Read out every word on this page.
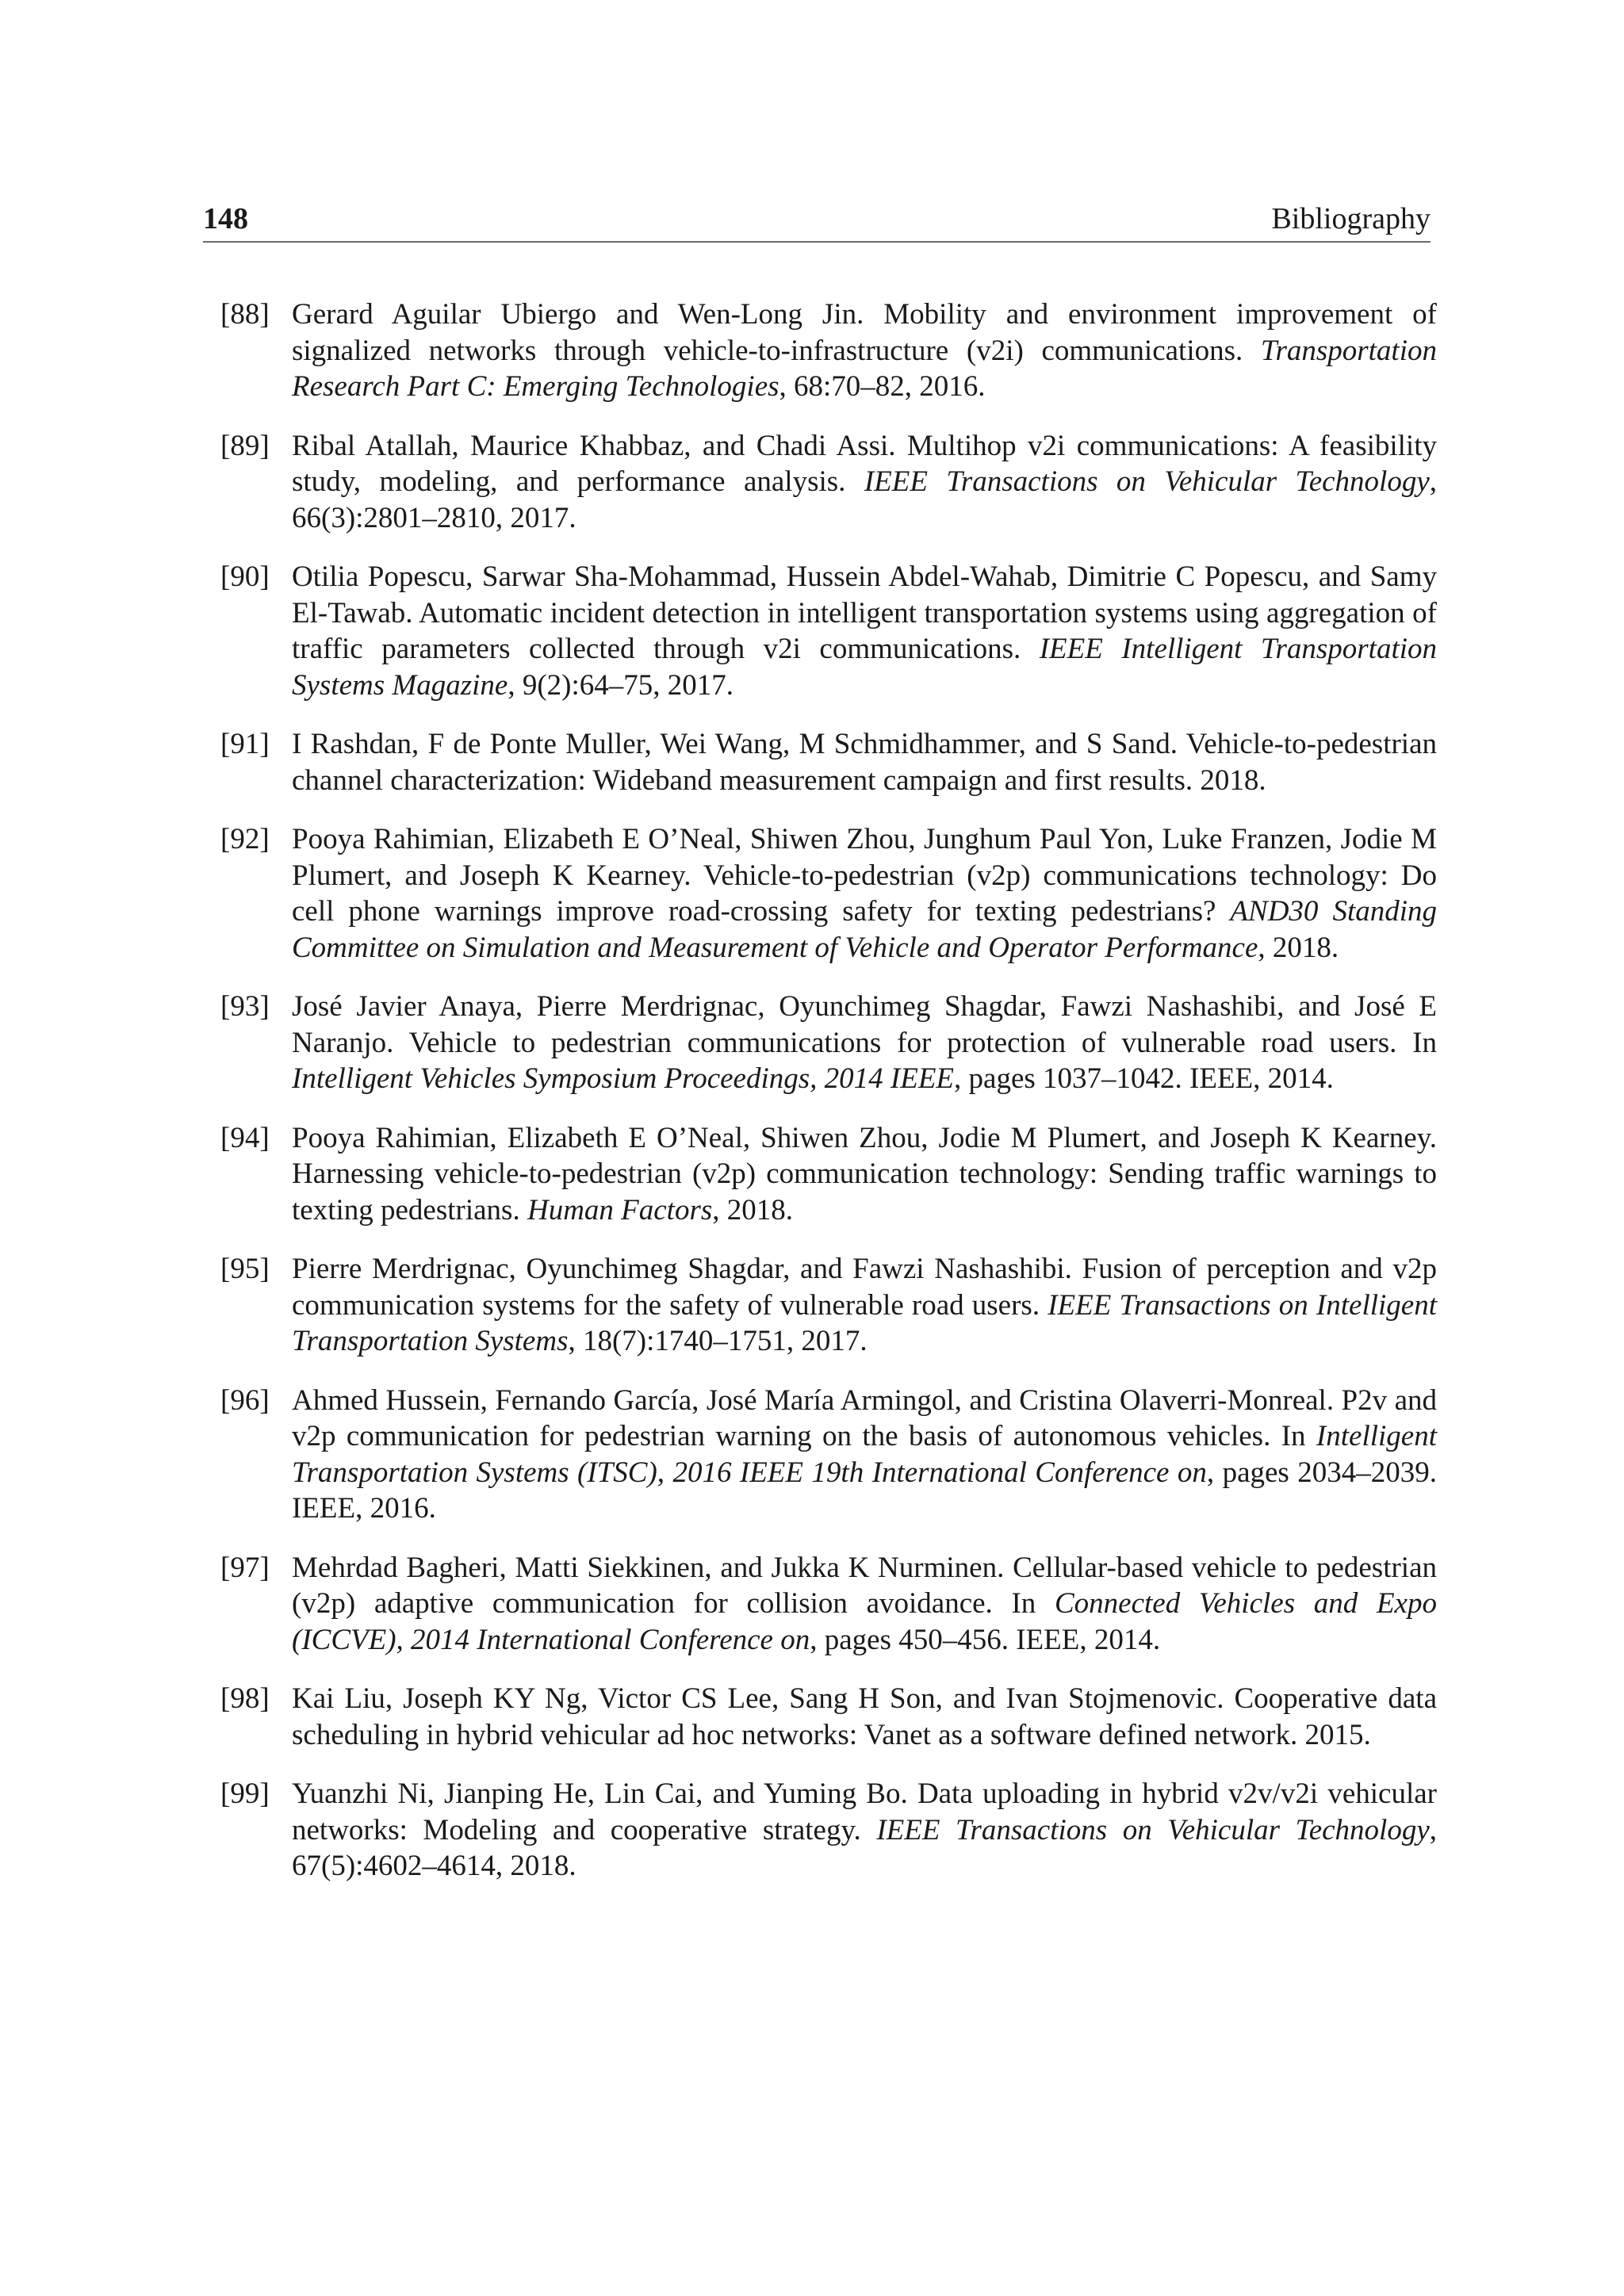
148	Bibliography
[88] Gerard Aguilar Ubiergo and Wen-Long Jin. Mobility and environment improvement of signalized networks through vehicle-to-infrastructure (v2i) communications. Transportation Research Part C: Emerging Technologies, 68:70–82, 2016.
[89] Ribal Atallah, Maurice Khabbaz, and Chadi Assi. Multihop v2i communications: A feasibility study, modeling, and performance analysis. IEEE Transactions on Vehicular Technology, 66(3):2801–2810, 2017.
[90] Otilia Popescu, Sarwar Sha-Mohammad, Hussein Abdel-Wahab, Dimitrie C Popescu, and Samy El-Tawab. Automatic incident detection in intelligent transportation systems using aggregation of traffic parameters collected through v2i communications. IEEE Intelligent Transportation Systems Magazine, 9(2):64–75, 2017.
[91] I Rashdan, F de Ponte Muller, Wei Wang, M Schmidhammer, and S Sand. Vehicle-to-pedestrian channel characterization: Wideband measurement campaign and first results. 2018.
[92] Pooya Rahimian, Elizabeth E O’Neal, Shiwen Zhou, Junghum Paul Yon, Luke Franzen, Jodie M Plumert, and Joseph K Kearney. Vehicle-to-pedestrian (v2p) communications technology: Do cell phone warnings improve road-crossing safety for texting pedestrians? AND30 Standing Committee on Simulation and Measurement of Vehicle and Operator Performance, 2018.
[93] José Javier Anaya, Pierre Merdrignac, Oyunchimeg Shagdar, Fawzi Nashashibi, and José E Naranjo. Vehicle to pedestrian communications for protection of vulnerable road users. In Intelligent Vehicles Symposium Proceedings, 2014 IEEE, pages 1037–1042. IEEE, 2014.
[94] Pooya Rahimian, Elizabeth E O’Neal, Shiwen Zhou, Jodie M Plumert, and Joseph K Kearney. Harnessing vehicle-to-pedestrian (v2p) communication technology: Sending traffic warnings to texting pedestrians. Human Factors, 2018.
[95] Pierre Merdrignac, Oyunchimeg Shagdar, and Fawzi Nashashibi. Fusion of perception and v2p communication systems for the safety of vulnerable road users. IEEE Transactions on Intelligent Transportation Systems, 18(7):1740–1751, 2017.
[96] Ahmed Hussein, Fernando García, José María Armingol, and Cristina Olaverri-Monreal. P2v and v2p communication for pedestrian warning on the basis of autonomous vehicles. In Intelligent Transportation Systems (ITSC), 2016 IEEE 19th International Conference on, pages 2034–2039. IEEE, 2016.
[97] Mehrdad Bagheri, Matti Siekkinen, and Jukka K Nurminen. Cellular-based vehicle to pedestrian (v2p) adaptive communication for collision avoidance. In Connected Vehicles and Expo (ICCVE), 2014 International Conference on, pages 450–456. IEEE, 2014.
[98] Kai Liu, Joseph KY Ng, Victor CS Lee, Sang H Son, and Ivan Stojmenovic. Cooperative data scheduling in hybrid vehicular ad hoc networks: Vanet as a software defined network. 2015.
[99] Yuanzhi Ni, Jianping He, Lin Cai, and Yuming Bo. Data uploading in hybrid v2v/v2i vehicular networks: Modeling and cooperative strategy. IEEE Transactions on Vehicular Technology, 67(5):4602–4614, 2018.
